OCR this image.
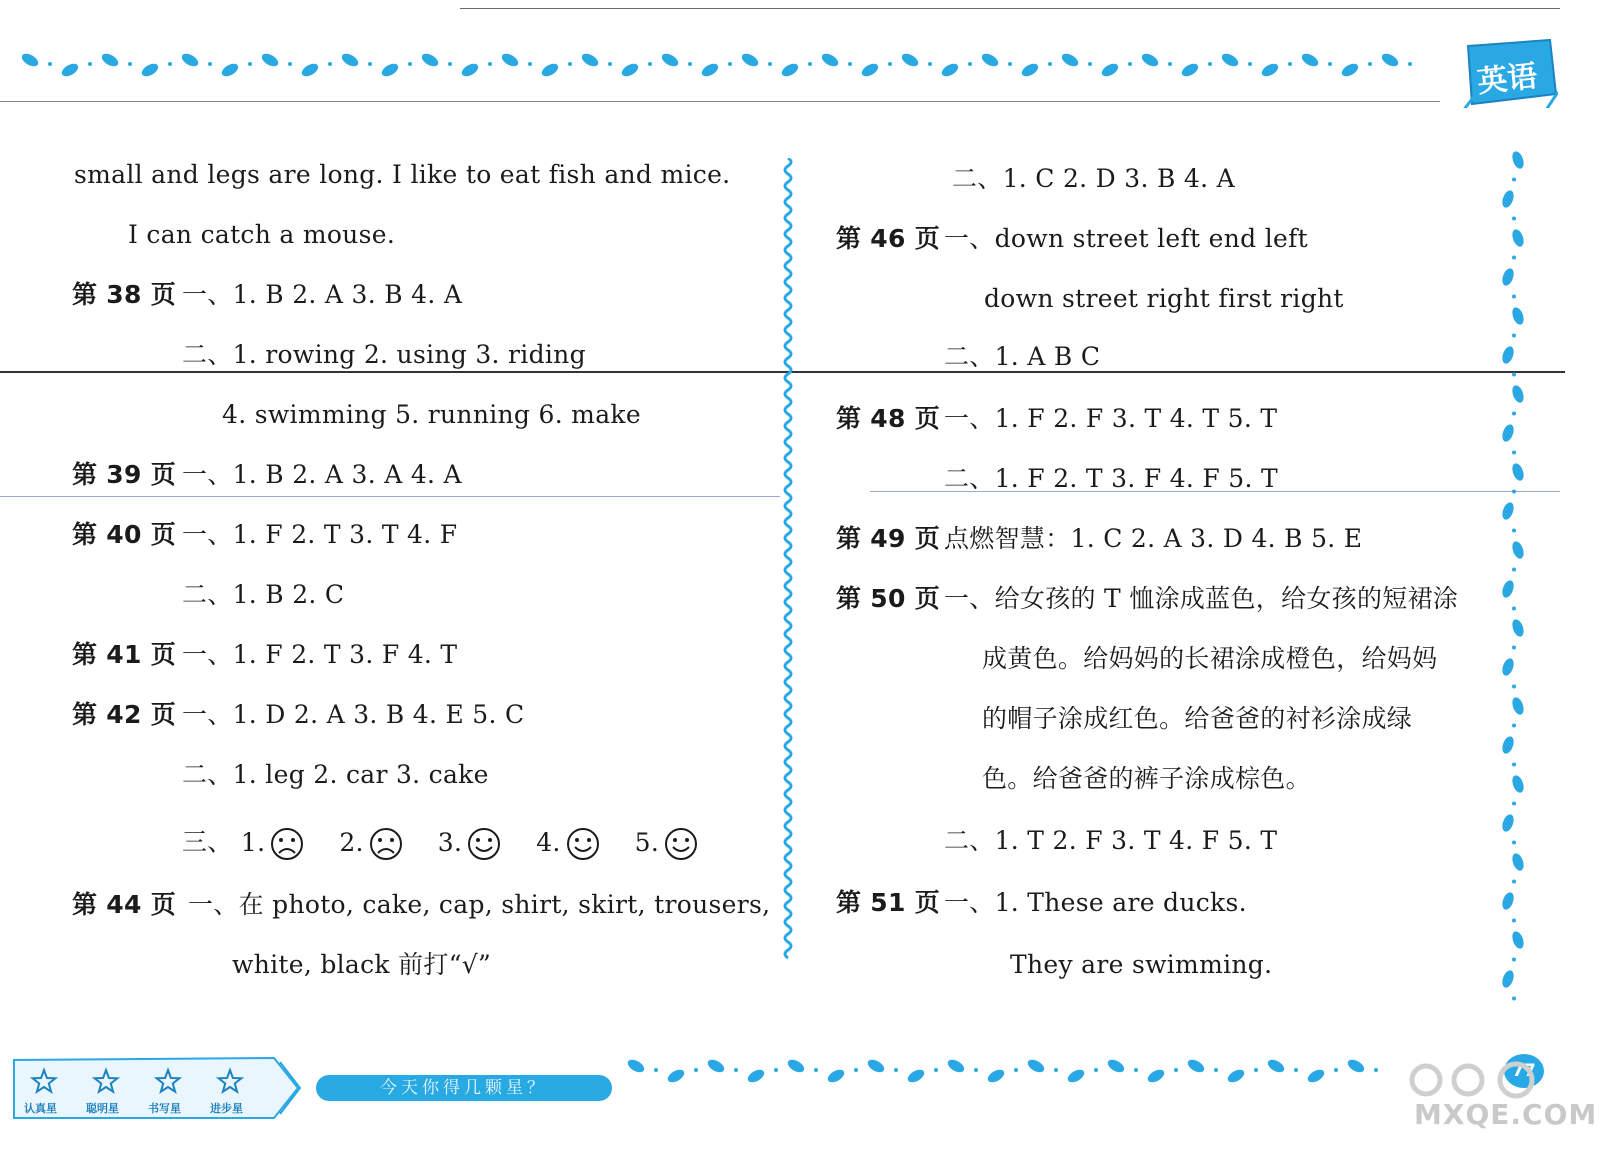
英语
small and legs are long. I like to eat fish and mice.
I can catch a mouse.
第 38 页 一、1. B 2. A 3. B 4. A
二、1. rowing 2. using 3. riding
4. swimming 5. running 6. make
第 39 页 一、1. B 2. A 3. A 4. A
第 40 页 一、1. F 2. T 3. T 4. F
二、1. B 2. C
第 41 页 一、1. F 2. T 3. F 4. T
第 42 页 一、1. D 2. A 3. B 4. E 5. C
二、1. leg 2. car 3. cake
三、 1.	2.	3.	4.	5.
第 44 页 一、在 photo, cake, cap, shirt, skirt, trousers,
white, black 前打“√”
二、1. C 2. D 3. B 4. A
第 46 页 一、down street left end left
down street right first right
二、1. A B C
第 48 页 一、1. F 2. F 3. T 4. T 5. T
二、1. F 2. T 3. F 4. F 5. T
第 49 页 点燃智慧：1. C 2. A 3. D 4. B 5. E
第 50 页 一、给女孩的 T 恤涂成蓝色，给女孩的短裙涂
成黄色。给妈妈的长裙涂成橙色，给妈妈
的帽子涂成红色。给爸爸的衬衫涂成绿
色。给爸爸的裤子涂成棕色。
二、1. T 2. F 3. T 4. F 5. T
第 51 页 一、1. These are ducks.
They are swimming.
认真星	聪明星	书写星	进步星
今天你得几颗星？
77
MXQE.COM
